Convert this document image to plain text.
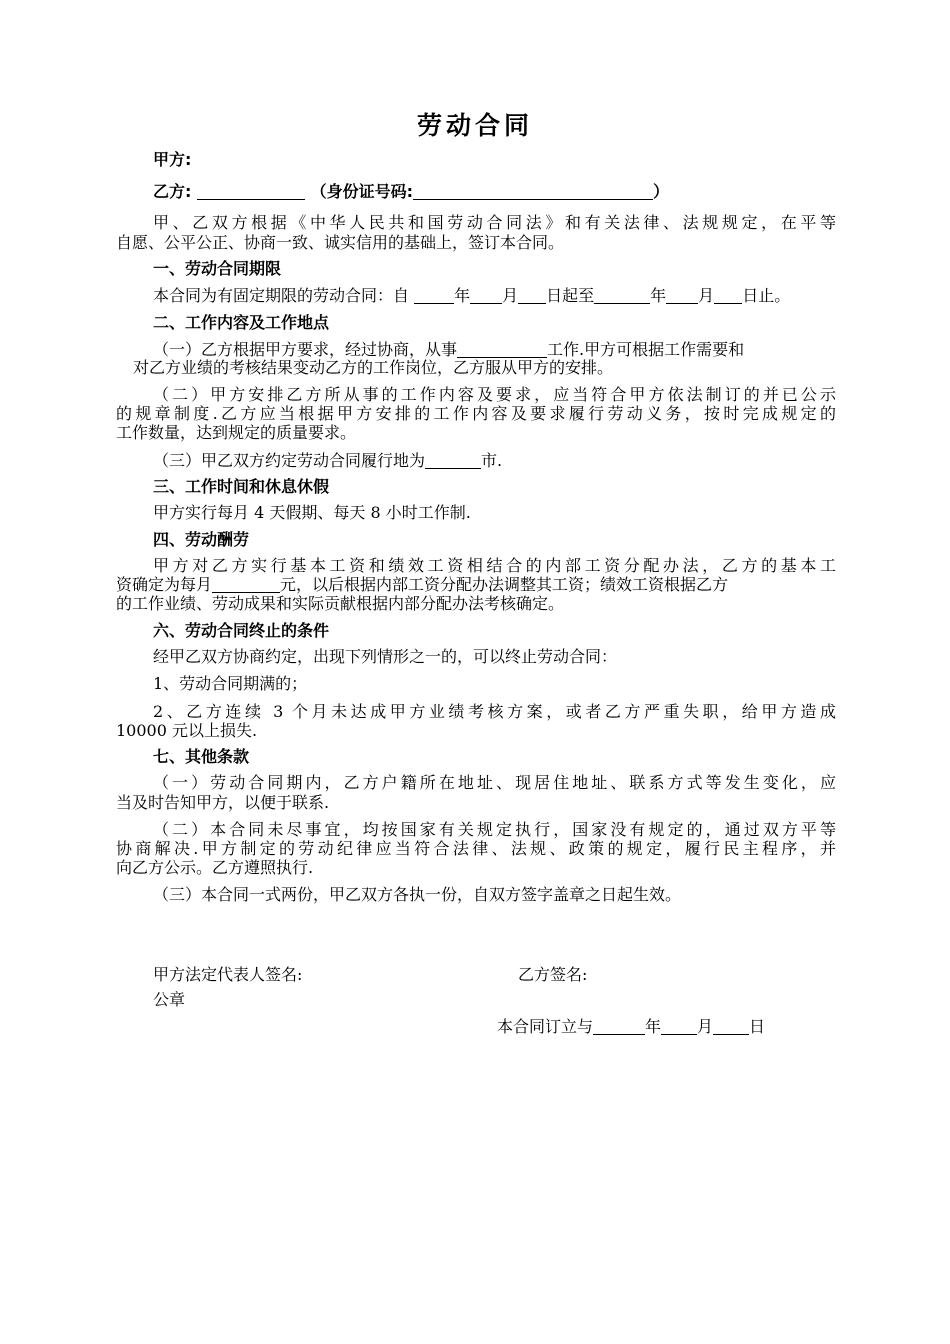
劳动合同
甲方:
乙方:	（身份证号码:	）
甲、乙双方根据《中华人民共和国劳动合同法》和有关法律、法规规定，在平等
自愿、公平公正、协商一致、诚实信用的基础上，签订本合同。
一、劳动合同期限
本合同为有固定期限的劳动合同：自	年 月 日起至	年 月 日止。
二、工作内容及工作地点
（一）乙方根据甲方要求，经过协商，从事	工作.甲方可根据工作需要和
对乙方业绩的考核结果变动乙方的工作岗位，乙方服从甲方的安排。
（二）甲方安排乙方所从事的工作内容及要求，应当符合甲方依法制订的并已公示
的规章制度.乙方应当根据甲方安排的工作内容及要求履行劳动义务，按时完成规定的
工作数量，达到规定的质量要求。
（三）甲乙双方约定劳动合同履行地为	市.
三、工作时间和休息休假
甲方实行每月 4 天假期、每天 8 小时工作制.
四、劳动酬劳
甲方对乙方实行基本工资和绩效工资相结合的内部工资分配办法，乙方的基本工
资确定为每月	元，以后根据内部工资分配办法调整其工资；绩效工资根据乙方
的工作业绩、劳动成果和实际贡献根据内部分配办法考核确定。
六、劳动合同终止的条件
经甲乙双方协商约定，出现下列情形之一的，可以终止劳动合同：
1、劳动合同期满的；
2、乙方连续 3 个月未达成甲方业绩考核方案，或者乙方严重失职，给甲方造成
10000 元以上损失.
七、其他条款
（一）劳动合同期内，乙方户籍所在地址、现居住地址、联系方式等发生变化，应
当及时告知甲方，以便于联系.
（二）本合同未尽事宜，均按国家有关规定执行，国家没有规定的，通过双方平等
协商解决.甲方制定的劳动纪律应当符合法律、法规、政策的规定，履行民主程序，并
向乙方公示。乙方遵照执行.
（三）本合同一式两份，甲乙双方各执一份，自双方签字盖章之日起生效。
甲方法定代表人签名:	乙方签名:
公章
本合同订立与	年 月 日
